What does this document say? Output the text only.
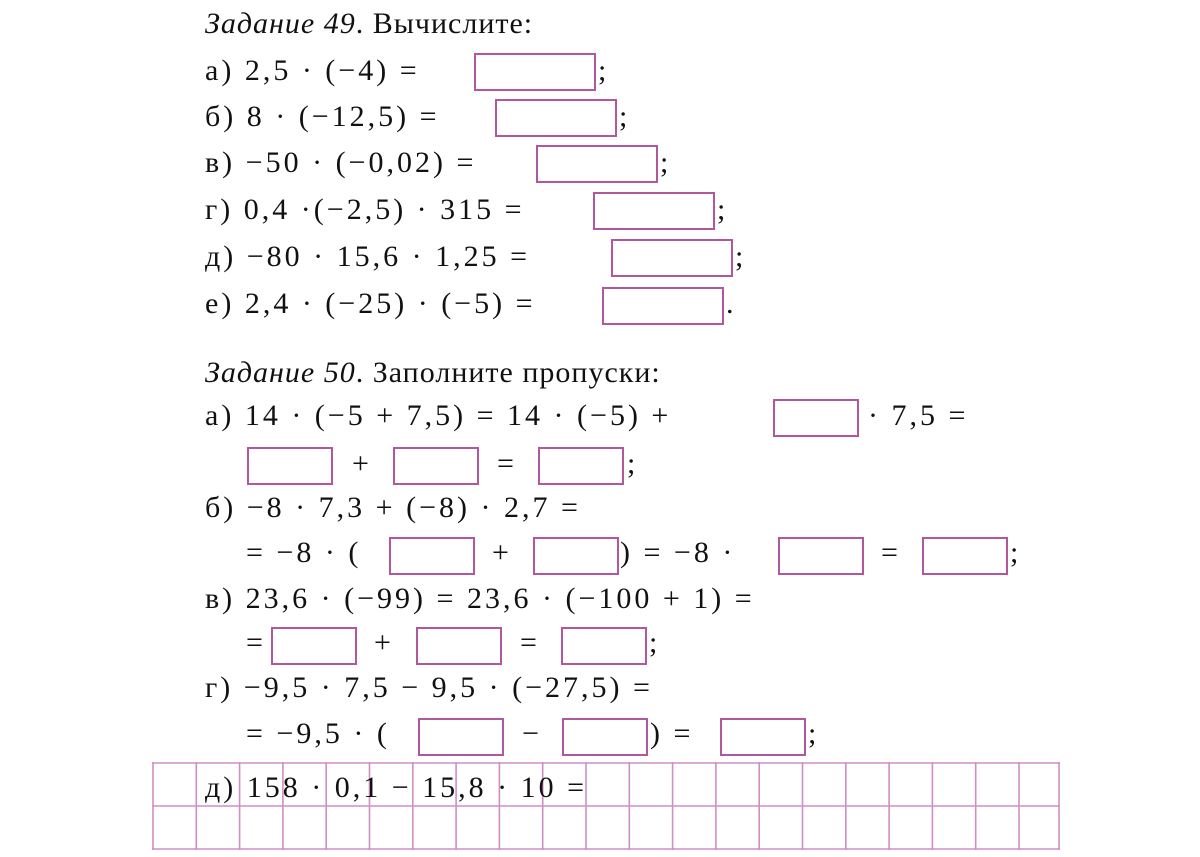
Задание 49. Вычислите:
а) 2,5 · (−4) =	;
б) 8 · (−12,5) =	;
в) −50 · (−0,02) =	;
г) 0,4 ·(−2,5) · 315 =	;
д) −80 · 15,6 · 1,25 =	;
е) 2,4 · (−25) · (−5) =	.
Задание 50. Заполните пропуски:
а) 14 · (−5 + 7,5) = 14 · (−5) +	· 7,5 =
+	=	;
б) −8 · 7,3 + (−8) · 2,7 =
= −8 · (	+	) = −8 ·	=	;
в) 23,6 · (−99) = 23,6 · (−100 + 1) =
=	+	=	;
г) −9,5 · 7,5 − 9,5 · (−27,5) =
= −9,5 · (	−	) =	;
д) 158 · 0,1 − 15,8 · 10 =
